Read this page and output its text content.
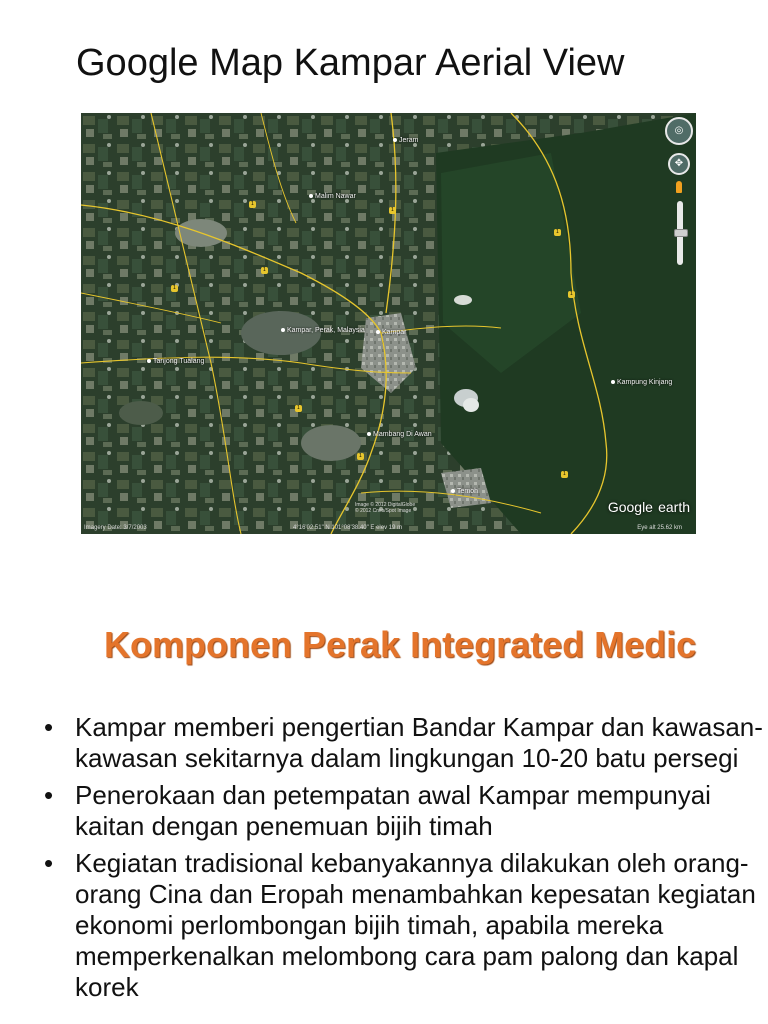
Google Map Kampar Aerial View
Jeram
Malim Nawar
Kampar, Perak, Malaysia	Kampar
Tanjong Tualang
Mambang Di Awan
Kampung Kinjang
Temoh
1
1
1
1
1
1
1
1
1
◎
✥
Image © 2012 DigitalGlobe
© 2012 Cnes/Spot Image	Google earth
Imagery Date: 3/7/2003	4°16'02.51" N 101°08'38.40" E elev 19 m	Eye alt 25.62 km
Komponen Perak Integrated Medic
• Kampar memberi pengertian Bandar Kampar dan kawasan-kawasan sekitarnya dalam lingkungan 10-20 batu persegi
• Penerokaan dan petempatan awal Kampar mempunyai kaitan dengan penemuan bijih timah
• Kegiatan tradisional kebanyakannya dilakukan oleh orang-orang Cina dan Eropah menambahkan kepesatan kegiatan ekonomi perlombongan bijih timah, apabila mereka memperkenalkan melombong cara pam palong dan kapal korek
